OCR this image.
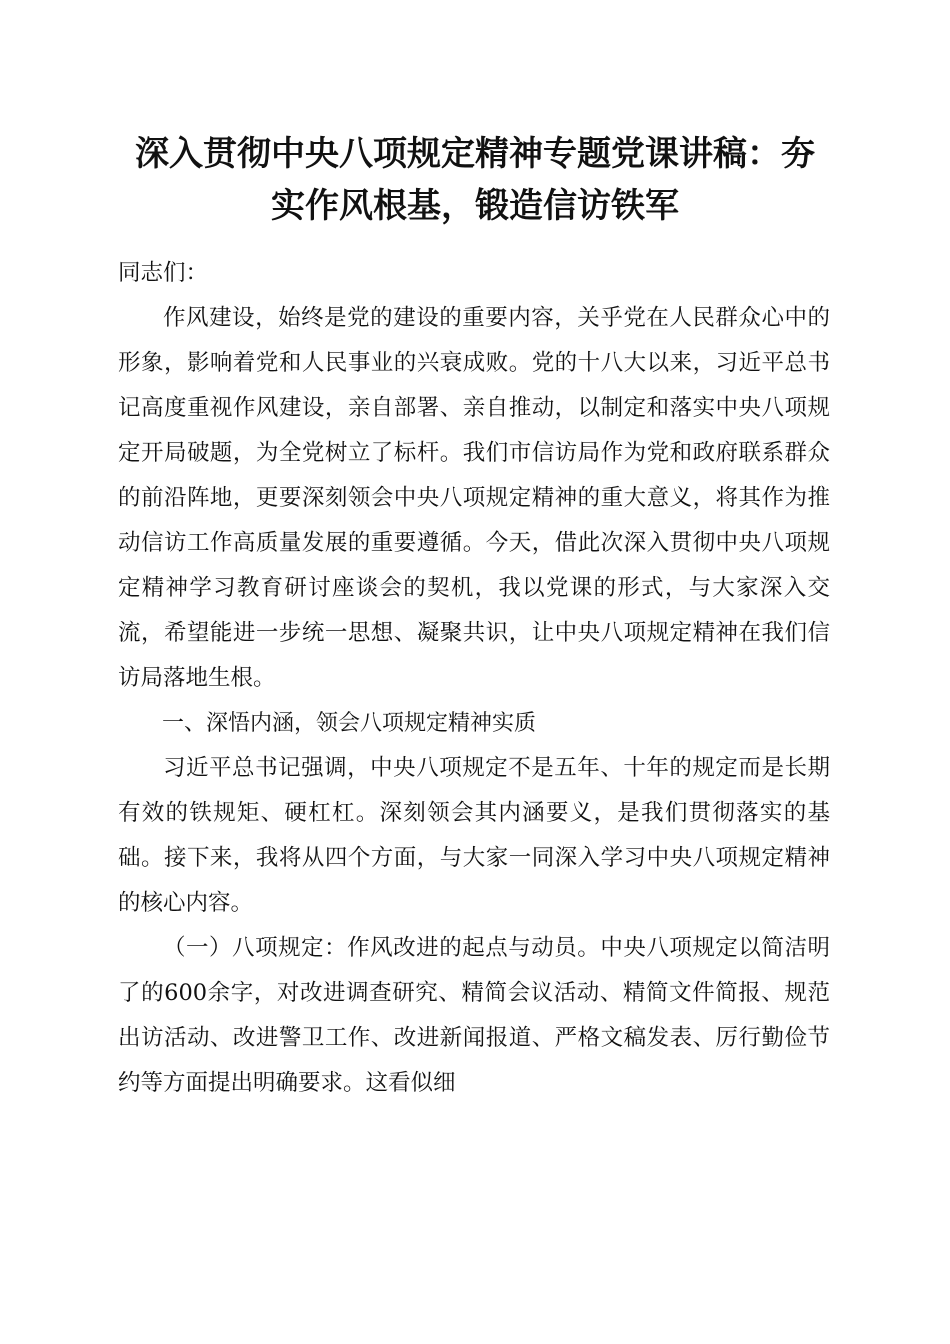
深入贯彻中央八项规定精神专题党课讲稿：夯
实作风根基，锻造信访铁军

同志们：

作风建设，始终是党的建设的重要内容，关乎党在人民群众心中的形象，影响着党和人民事业的兴衰成败。党的十八大以来，习近平总书记高度重视作风建设，亲自部署、亲自推动，以制定和落实中央八项规定开局破题，为全党树立了标杆。我们市信访局作为党和政府联系群众的前沿阵地，更要深刻领会中央八项规定精神的重大意义，将其作为推动信访工作高质量发展的重要遵循。今天，借此次深入贯彻中央八项规定精神学习教育研讨座谈会的契机，我以党课的形式，与大家深入交流，希望能进一步统一思想、凝聚共识，让中央八项规定精神在我们信访局落地生根。

一、深悟内涵，领会八项规定精神实质

习近平总书记强调，中央八项规定不是五年、十年的规定而是长期有效的铁规矩、硬杠杠。深刻领会其内涵要义，是我们贯彻落实的基础。接下来，我将从四个方面，与大家一同深入学习中央八项规定精神的核心内容。

（一）八项规定：作风改进的起点与动员。中央八项规定以简洁明了的600余字，对改进调查研究、精简会议活动、精简文件简报、规范出访活动、改进警卫工作、改进新闻报道、严格文稿发表、厉行勤俭节约等方面提出明确要求。这看似细
